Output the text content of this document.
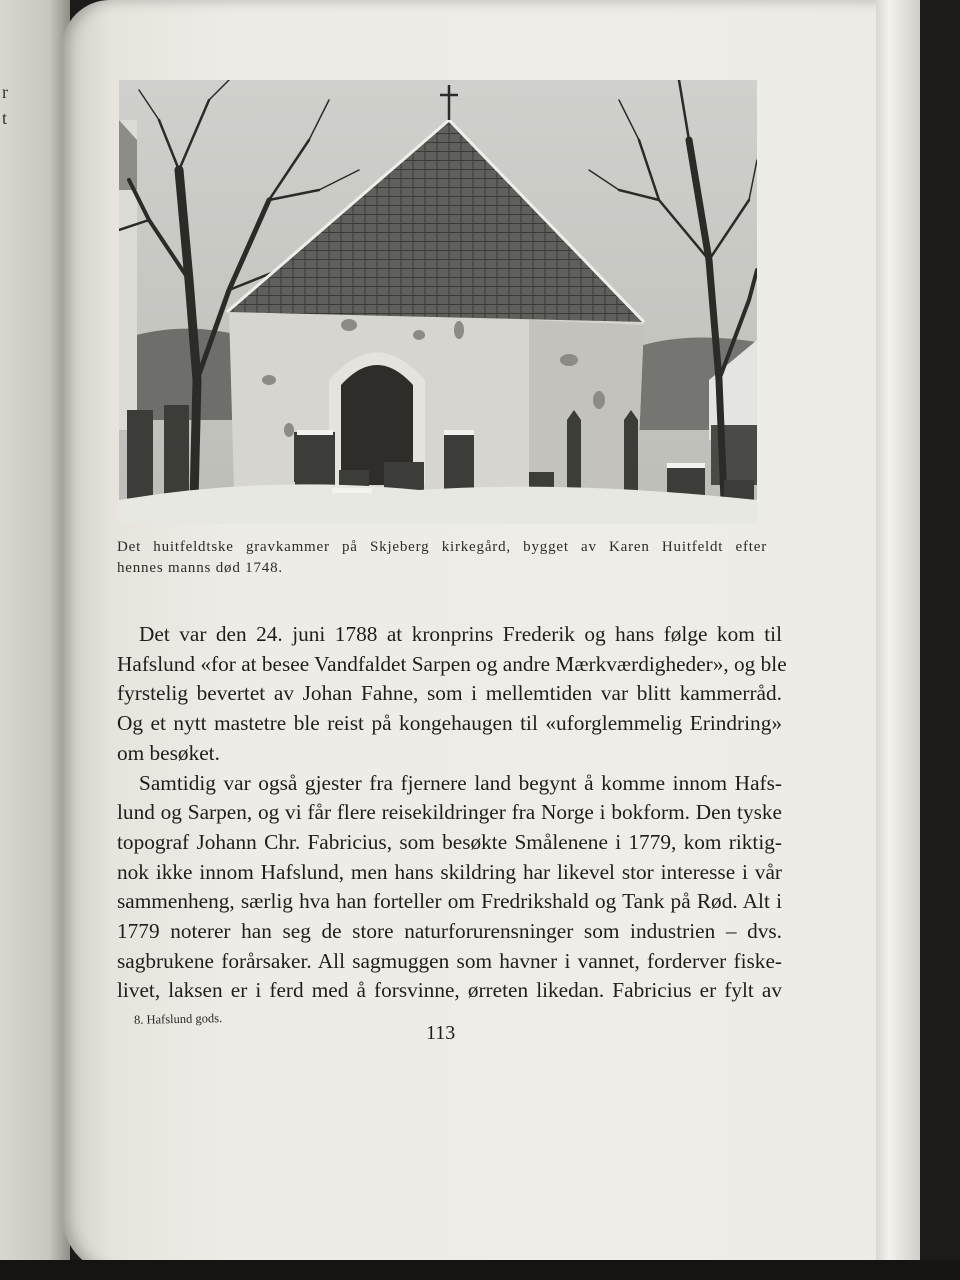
r
t
Det huitfeldtske gravkammer på Skjeberg kirkegård, bygget av Karen Huitfeldt efter
hennes manns død 1748.

Det var den 24. juni 1788 at kronprins Frederik og hans følge kom til
Hafslund «for at besee Vandfaldet Sarpen og andre Mærkværdigheder», og ble
fyrstelig bevertet av Johan Fahne, som i mellemtiden var blitt kammerråd.
Og et nytt mastetre ble reist på kongehaugen til «uforglemmelig Erindring»
om besøket.

Samtidig var også gjester fra fjernere land begynt å komme innom Hafs-
lund og Sarpen, og vi får flere reisekildringer fra Norge i bokform. Den tyske
topograf Johann Chr. Fabricius, som besøkte Smålenene i 1779, kom riktig-
nok ikke innom Hafslund, men hans skildring har likevel stor interesse i vår
sammenheng, særlig hva han forteller om Fredrikshald og Tank på Rød. Alt i
1779 noterer han seg de store naturforurensninger som industrien – dvs.
sagbrukene forårsaker. All sagmuggen som havner i vannet, forderver fiske-
livet, laksen er i ferd med å forsvinne, ørreten likedan. Fabricius er fylt av

8. Hafslund gods.
113
